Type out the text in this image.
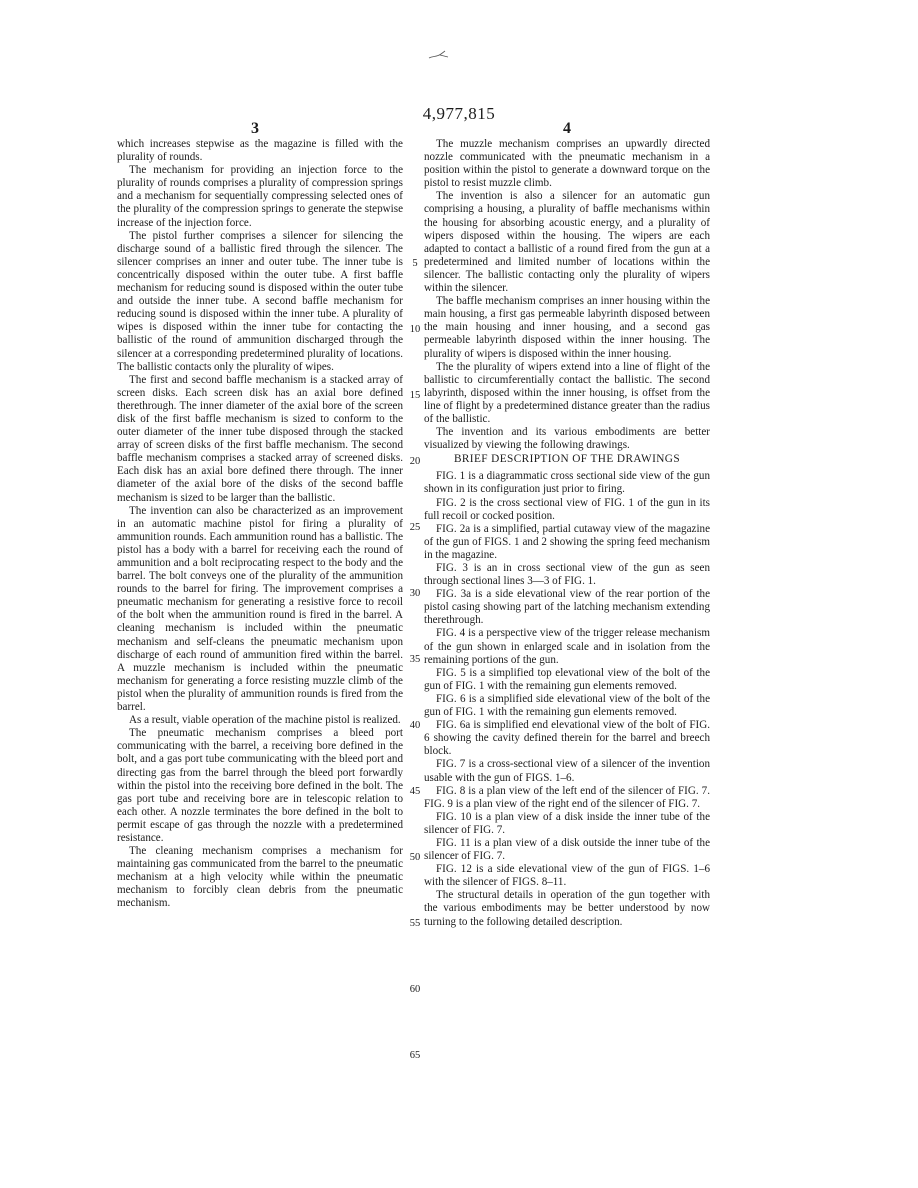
4,977,815
3	4

which increases stepwise as the magazine is filled with the plurality of rounds.

The mechanism for providing an injection force to the plurality of rounds comprises a plurality of compression springs and a mechanism for sequentially compressing selected ones of the plurality of the compression springs to generate the stepwise increase of the injection force.

The pistol further comprises a silencer for silencing the discharge sound of a ballistic fired through the silencer. The silencer comprises an inner and outer tube. The inner tube is concentrically disposed within the outer tube. A first baffle mechanism for reducing sound is disposed within the outer tube and outside the inner tube. A second baffle mechanism for reducing sound is disposed within the inner tube. A plurality of wipes is disposed within the inner tube for contacting the ballistic of the round of ammunition discharged through the silencer at a corresponding predetermined plurality of locations. The ballistic contacts only the plurality of wipes.

The first and second baffle mechanism is a stacked array of screen disks. Each screen disk has an axial bore defined therethrough. The inner diameter of the axial bore of the screen disk of the first baffle mechanism is sized to conform to the outer diameter of the inner tube disposed through the stacked array of screen disks of the first baffle mechanism. The second baffle mechanism comprises a stacked array of screened disks. Each disk has an axial bore defined there through. The inner diameter of the axial bore of the disks of the second baffle mechanism is sized to be larger than the ballistic.

The invention can also be characterized as an improvement in an automatic machine pistol for firing a plurality of ammunition rounds. Each ammunition round has a ballistic. The pistol has a body with a barrel for receiving each the round of ammunition and a bolt reciprocating respect to the body and the barrel. The bolt conveys one of the plurality of the ammunition rounds to the barrel for firing. The improvement comprises a pneumatic mechanism for generating a resistive force to recoil of the bolt when the ammunition round is fired in the barrel. A cleaning mechanism is included within the pneumatic mechanism and self-cleans the pneumatic mechanism upon discharge of each round of ammunition fired within the barrel. A muzzle mechanism is included within the pneumatic mechanism for generating a force resisting muzzle climb of the pistol when the plurality of ammunition rounds is fired from the barrel.

As a result, viable operation of the machine pistol is realized.

The pneumatic mechanism comprises a bleed port communicating with the barrel, a receiving bore defined in the bolt, and a gas port tube communicating with the bleed port and directing gas from the barrel through the bleed port forwardly within the pistol into the receiving bore defined in the bolt. The gas port tube and receiving bore are in telescopic relation to each other. A nozzle terminates the bore defined in the bolt to permit escape of gas through the nozzle with a predetermined resistance.

The cleaning mechanism comprises a mechanism for maintaining gas communicated from the barrel to the pneumatic mechanism at a high velocity while within the pneumatic mechanism to forcibly clean debris from the pneumatic mechanism.

5
10
15
20
25
30
35
40
45
50
55
60
65

The muzzle mechanism comprises an upwardly directed nozzle communicated with the pneumatic mechanism in a position within the pistol to generate a downward torque on the pistol to resist muzzle climb.

The invention is also a silencer for an automatic gun comprising a housing, a plurality of baffle mechanisms within the housing for absorbing acoustic energy, and a plurality of wipers disposed within the housing. The wipers are each adapted to contact a ballistic of a round fired from the gun at a predetermined and limited number of locations within the silencer. The ballistic contacting only the plurality of wipers within the silencer.

The baffle mechanism comprises an inner housing within the main housing, a first gas permeable labyrinth disposed between the main housing and inner housing, and a second gas permeable labyrinth disposed within the inner housing. The plurality of wipers is disposed within the inner housing.

The the plurality of wipers extend into a line of flight of the ballistic to circumferentially contact the ballistic. The second labyrinth, disposed within the inner housing, is offset from the line of flight by a predetermined distance greater than the radius of the ballistic.

The invention and its various embodiments are better visualized by viewing the following drawings.

BRIEF DESCRIPTION OF THE DRAWINGS

FIG. 1 is a diagrammatic cross sectional side view of the gun shown in its configuration just prior to firing.

FIG. 2 is the cross sectional view of FIG. 1 of the gun in its full recoil or cocked position.

FIG. 2a is a simplified, partial cutaway view of the magazine of the gun of FIGS. 1 and 2 showing the spring feed mechanism in the magazine.

FIG. 3 is an in cross sectional view of the gun as seen through sectional lines 3—3 of FIG. 1.

FIG. 3a is a side elevational view of the rear portion of the pistol casing showing part of the latching mechanism extending therethrough.

FIG. 4 is a perspective view of the trigger release mechanism of the gun shown in enlarged scale and in isolation from the remaining portions of the gun.

FIG. 5 is a simplified top elevational view of the bolt of the gun of FIG. 1 with the remaining gun elements removed.

FIG. 6 is a simplified side elevational view of the bolt of the gun of FIG. 1 with the remaining gun elements removed.

FIG. 6a is simplified end elevational view of the bolt of FIG. 6 showing the cavity defined therein for the barrel and breech block.

FIG. 7 is a cross-sectional view of a silencer of the invention usable with the gun of FIGS. 1–6.

FIG. 8 is a plan view of the left end of the silencer of FIG. 7. FIG. 9 is a plan view of the right end of the silencer of FIG. 7.

FIG. 10 is a plan view of a disk inside the inner tube of the silencer of FIG. 7.

FIG. 11 is a plan view of a disk outside the inner tube of the silencer of FIG. 7.

FIG. 12 is a side elevational view of the gun of FIGS. 1–6 with the silencer of FIGS. 8–11.

The structural details in operation of the gun together with the various embodiments may be better understood by now turning to the following detailed description.
